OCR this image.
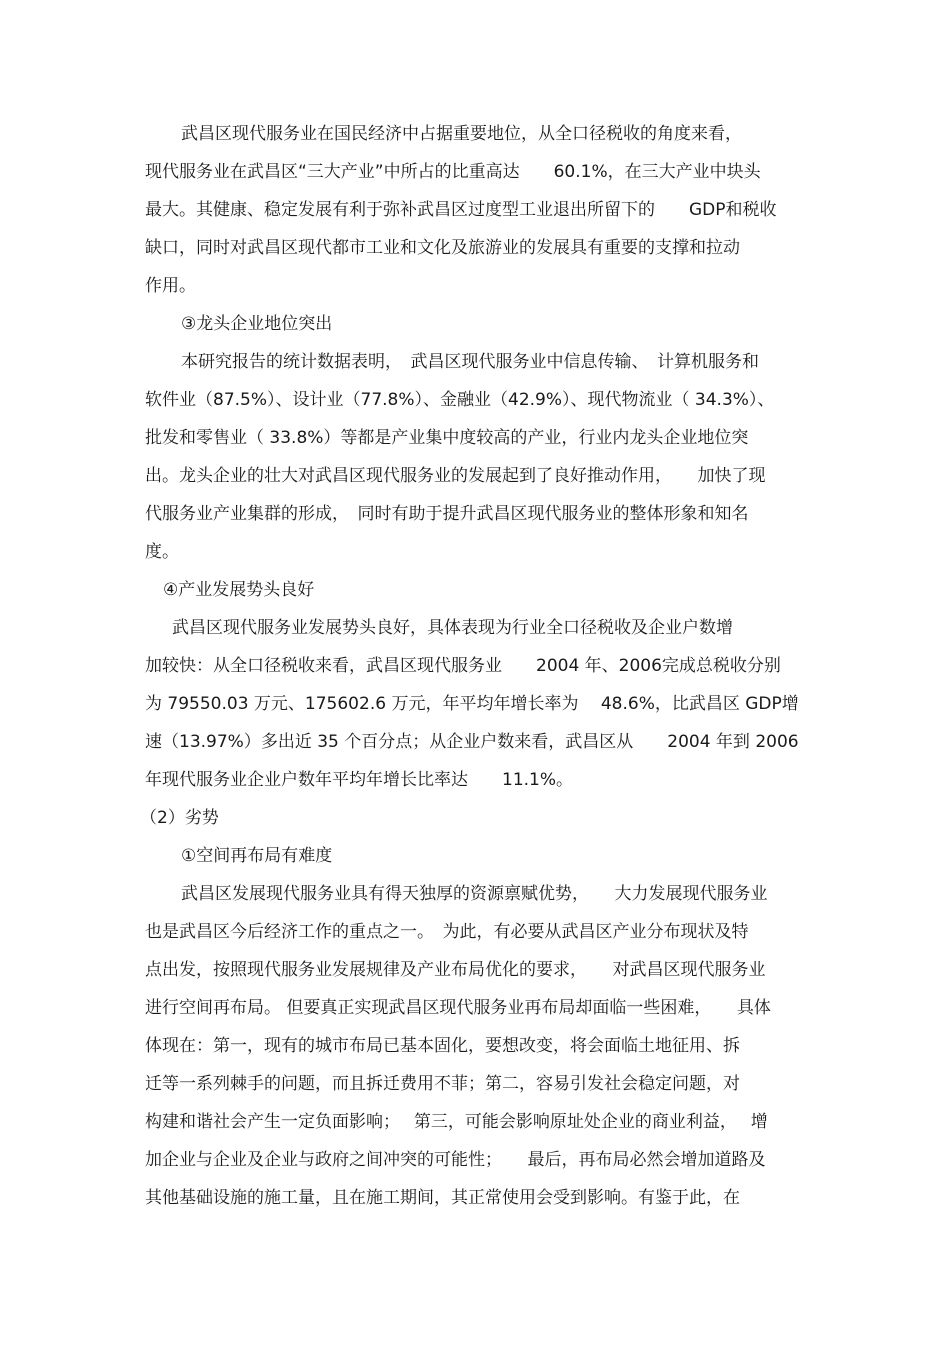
武昌区现代服务业在国民经济中占据重要地位，从全口径税收的角度来看，
现代服务业在武昌区“三大产业”中所占的比重高达　　60.1%，在三大产业中块头
最大。其健康、稳定发展有利于弥补武昌区过度型工业退出所留下的　　GDP和税收
缺口，同时对武昌区现代都市工业和文化及旅游业的发展具有重要的支撑和拉动
作用。
③龙头企业地位突出
本研究报告的统计数据表明，　武昌区现代服务业中信息传输、　计算机服务和
软件业（87.5%）、设计业（77.8%）、金融业（42.9%）、现代物流业（ 34.3%）、
批发和零售业（ 33.8%）等都是产业集中度较高的产业，行业内龙头企业地位突
出。龙头企业的壮大对武昌区现代服务业的发展起到了良好推动作用，　　加快了现
代服务业产业集群的形成，　同时有助于提升武昌区现代服务业的整体形象和知名
度。
④产业发展势头良好
武昌区现代服务业发展势头良好，具体表现为行业全口径税收及企业户数增
加较快：从全口径税收来看，武昌区现代服务业　　2004 年、2006完成总税收分别
为 79550.03 万元、175602.6 万元，年平均年增长率为　 48.6%，比武昌区 GDP增
速（13.97%）多出近 35 个百分点；从企业户数来看，武昌区从　　2004 年到 2006
年现代服务业企业户数年平均年增长比率达　　11.1%。
（2）劣势
①空间再布局有难度
武昌区发展现代服务业具有得天独厚的资源禀赋优势，　　大力发展现代服务业
也是武昌区今后经济工作的重点之一。　为此，有必要从武昌区产业分布现状及特
点出发，按照现代服务业发展规律及产业布局优化的要求，　　对武昌区现代服务业
进行空间再布局。 但要真正实现武昌区现代服务业再布局却面临一些困难，　　具体
体现在：第一，现有的城市布局已基本固化，要想改变，将会面临土地征用、拆
迁等一系列棘手的问题，而且拆迁费用不菲；第二，容易引发社会稳定问题，对
构建和谐社会产生一定负面影响；　 第三，可能会影响原址处企业的商业利益，　 增
加企业与企业及企业与政府之间冲突的可能性；　　最后，再布局必然会增加道路及
其他基础设施的施工量，且在施工期间，其正常使用会受到影响。有鉴于此，在
